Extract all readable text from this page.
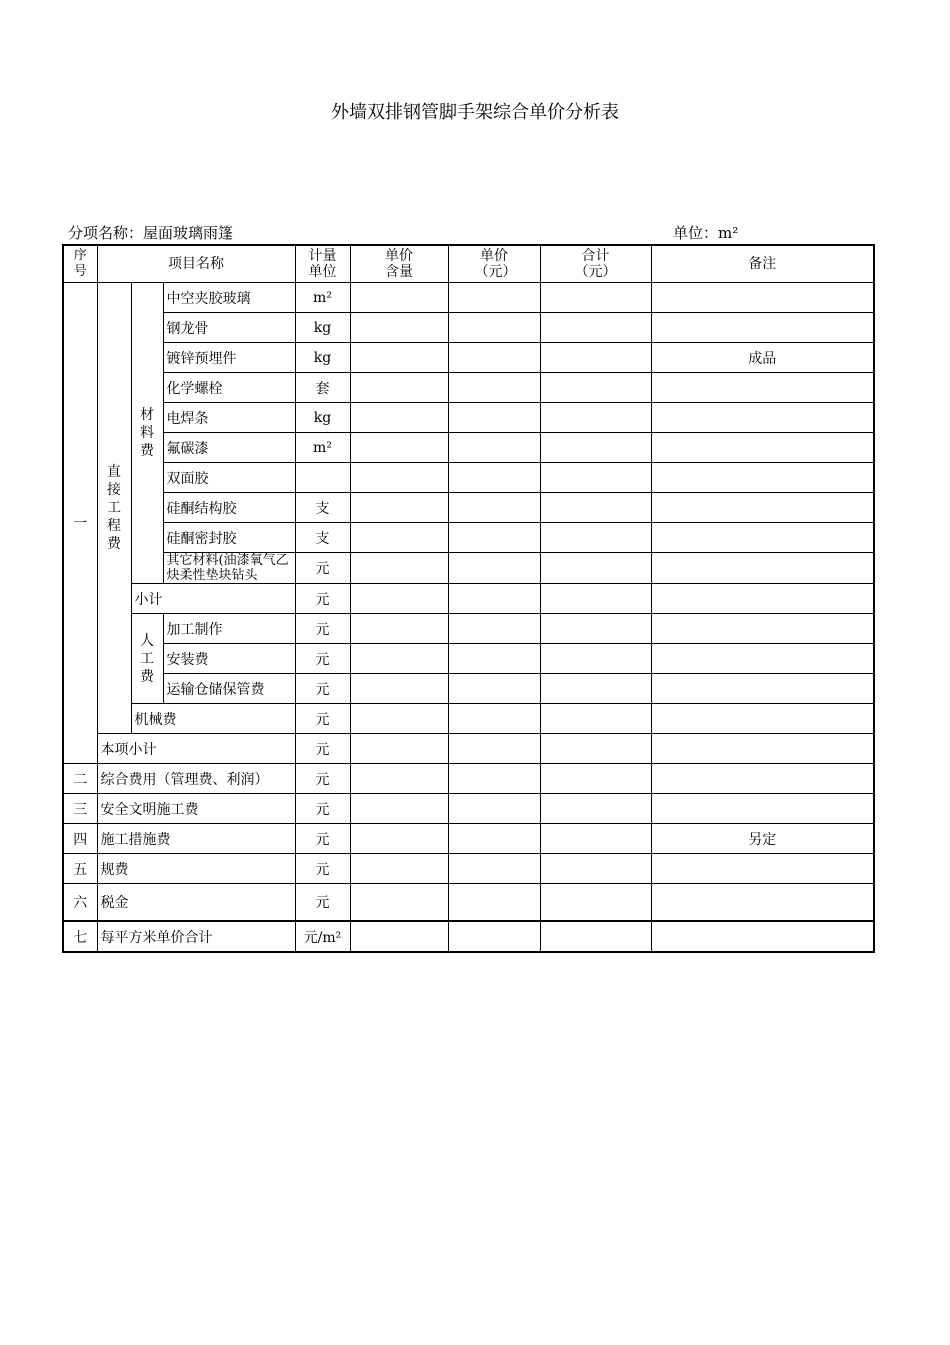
外墙双排钢管脚手架综合单价分析表
分项名称：屋面玻璃雨篷	单位：m²
序号	项目名称			计量单位	单价含量	单价（元）	合计（元）	备注
一	直接工程费	材料费	中空夹胶玻璃	m²				
			钢龙骨	kg				
			镀锌预埋件	kg				成品
			化学螺栓	套				
			电焊条	kg				
			氟碳漆	m²				
			双面胶					
			硅酮结构胶	支				
			硅酮密封胶	支				
			其它材料(油漆氧气乙炔柔性垫块钻头	元				
		小计		元				
		人工费	加工制作	元				
			安装费	元				
			运输仓储保管费	元				
		机械费		元				
	本项小计			元				
二	综合费用（管理费、利润）			元				
三	安全文明施工费			元				
四	施工措施费			元				另定
五	规费			元				
六	税金			元				
七	每平方米单价合计			元/m²				
